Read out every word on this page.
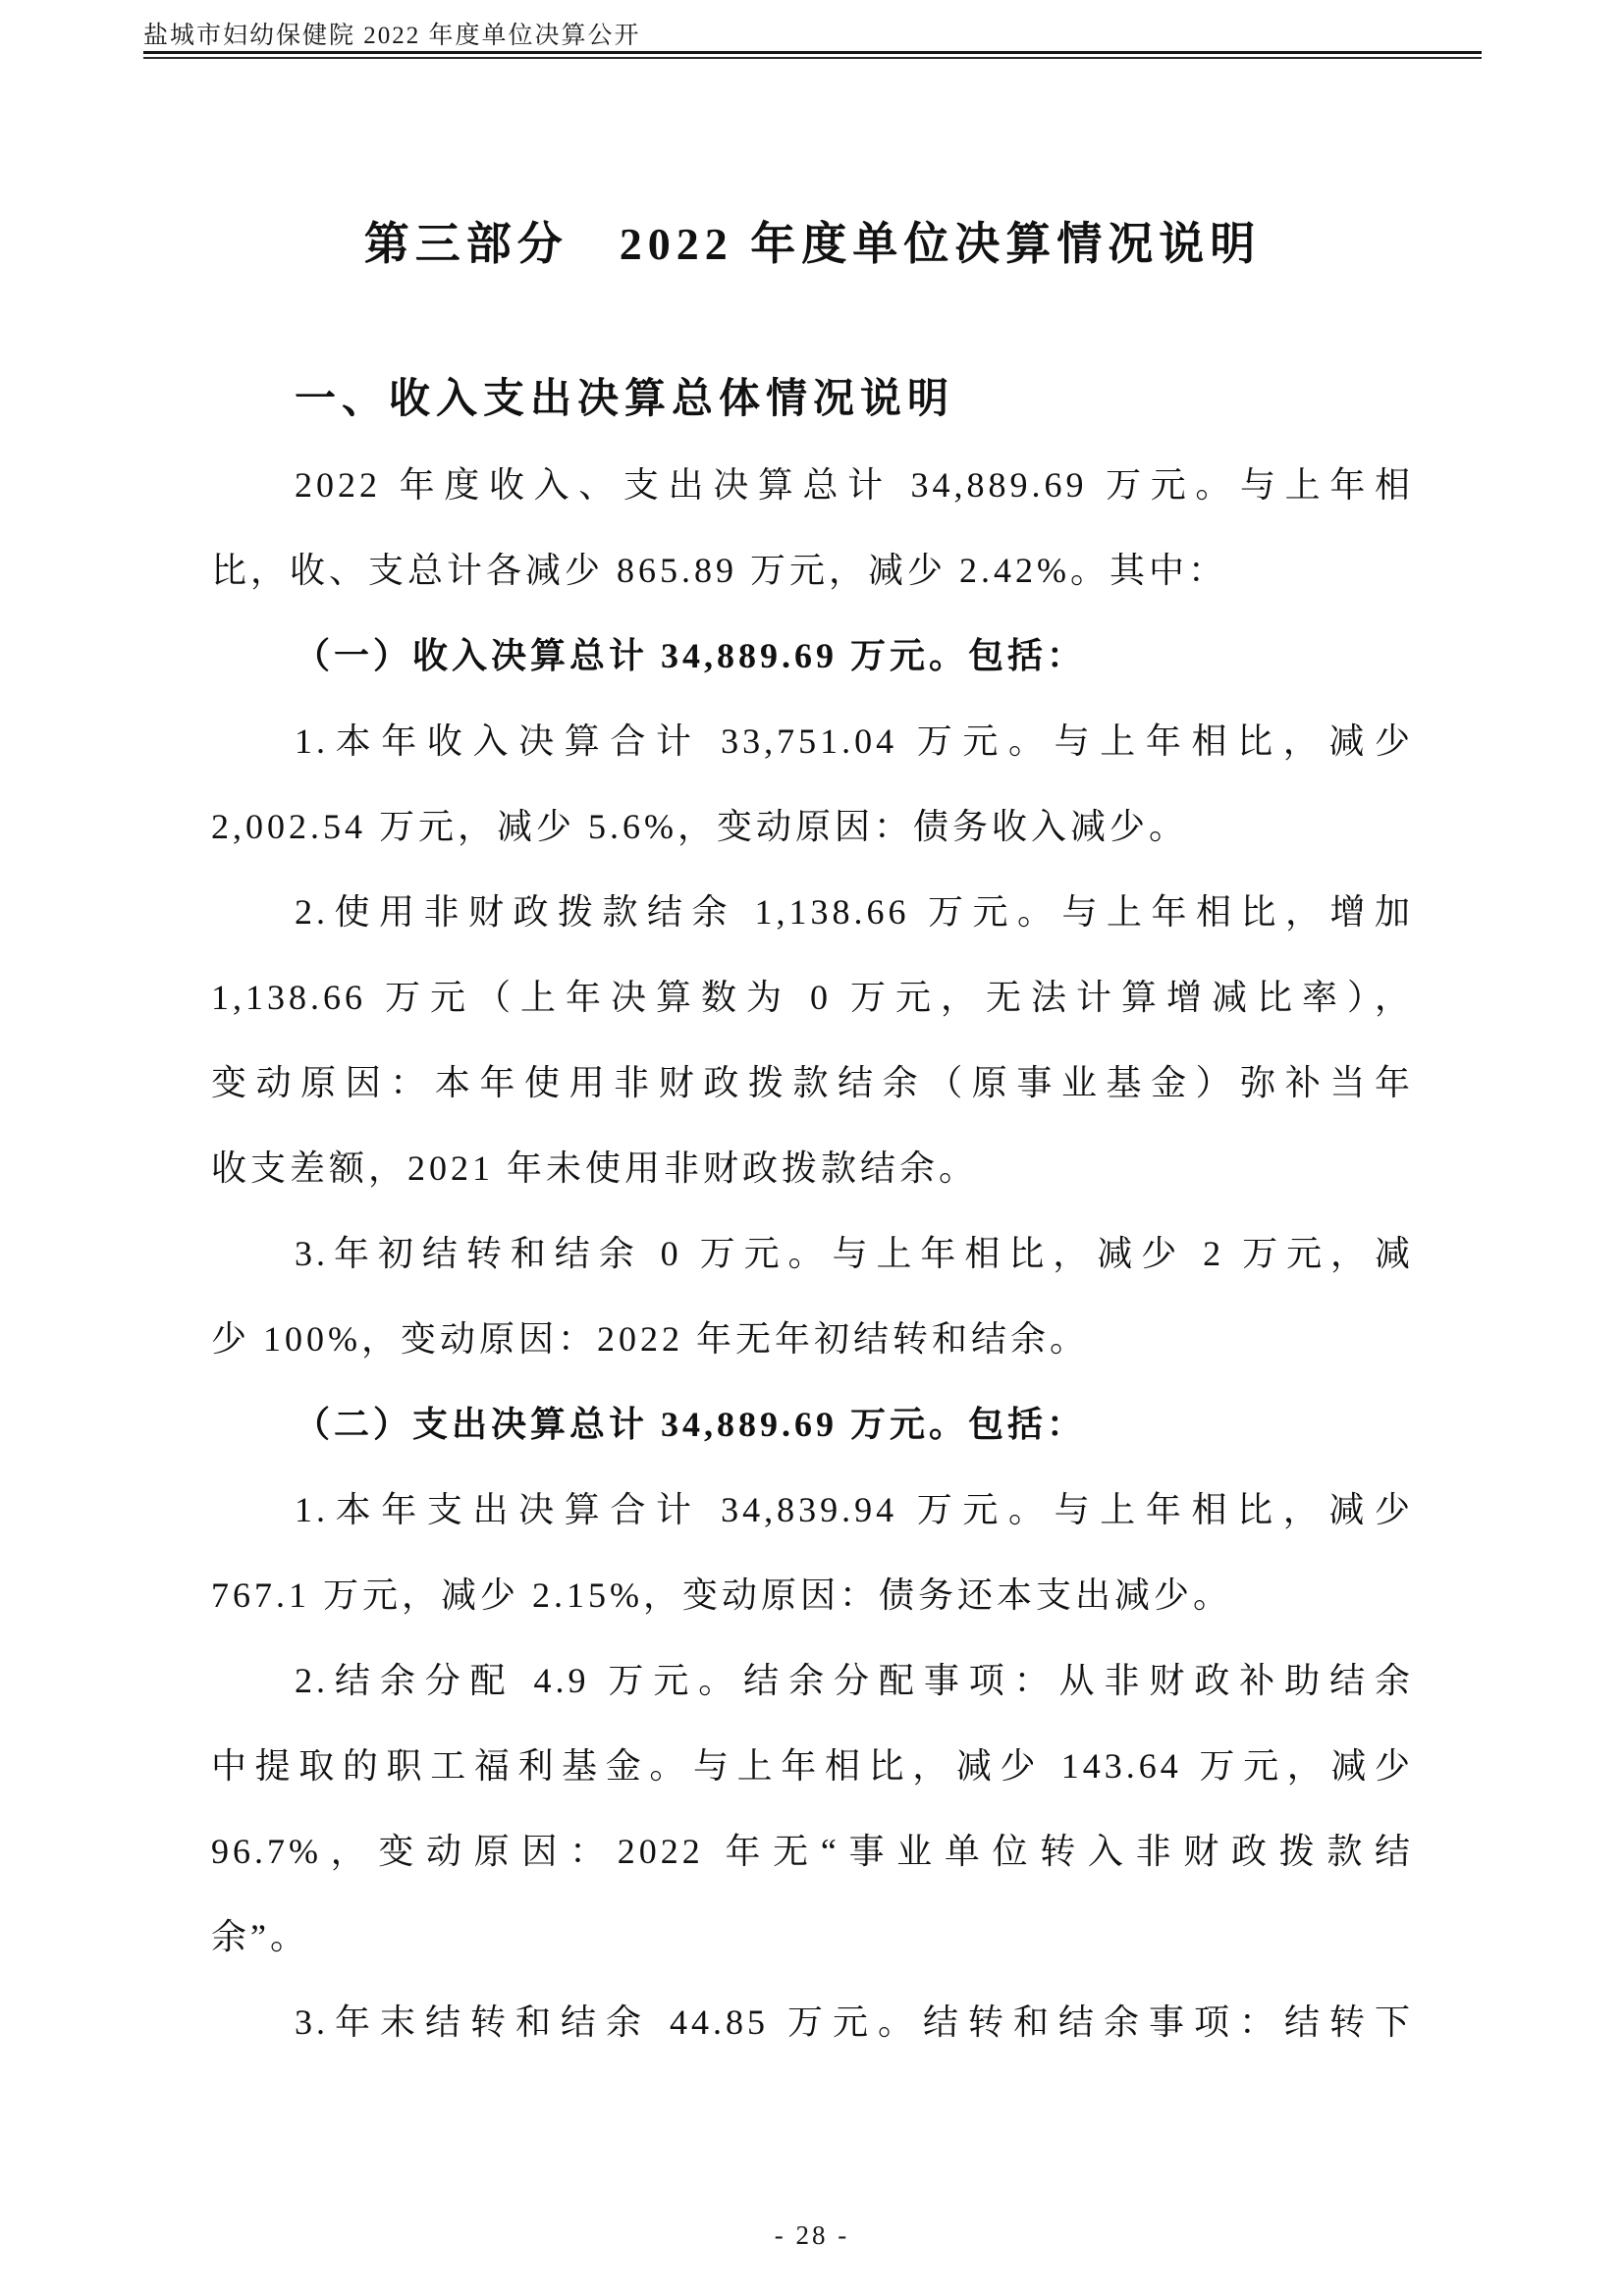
盐城市妇幼保健院 2022 年度单位决算公开
第三部分　2022 年度单位决算情况说明
一、收入支出决算总体情况说明
2022 年度收入、支出决算总计 34,889.69 万元。与上年相
比，收、支总计各减少 865.89 万元，减少 2.42%。其中：
（一）收入决算总计 34,889.69 万元。包括：
1.本年收入决算合计 33,751.04 万元。与上年相比，减少
2,002.54 万元，减少 5.6%，变动原因：债务收入减少。
2.使用非财政拨款结余 1,138.66 万元。与上年相比，增加
1,138.66 万元（上年决算数为 0 万元，无法计算增减比率），
变动原因：本年使用非财政拨款结余（原事业基金）弥补当年
收支差额，2021 年未使用非财政拨款结余。
3.年初结转和结余 0 万元。与上年相比，减少 2 万元，减
少 100%，变动原因：2022 年无年初结转和结余。
（二）支出决算总计 34,889.69 万元。包括：
1.本年支出决算合计 34,839.94 万元。与上年相比，减少
767.1 万元，减少 2.15%，变动原因：债务还本支出减少。
2.结余分配 4.9 万元。结余分配事项：从非财政补助结余
中提取的职工福利基金。与上年相比，减少 143.64 万元，减少
96.7%，变动原因：2022 年无“事业单位转入非财政拨款结
余”。
3.年末结转和结余 44.85 万元。结转和结余事项：结转下
- 28 -
